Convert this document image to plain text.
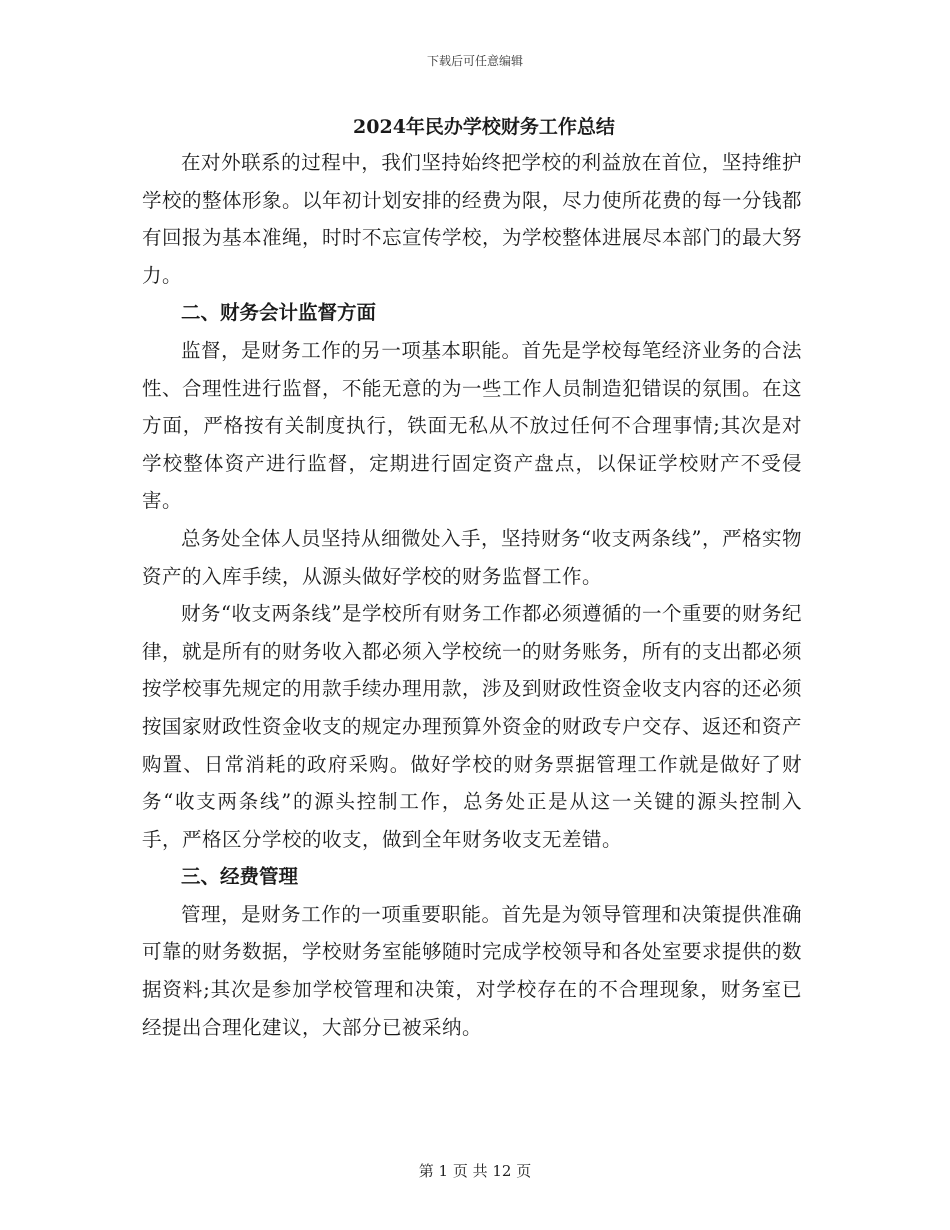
下载后可任意编辑
2024年民办学校财务工作总结

在对外联系的过程中，我们坚持始终把学校的利益放在首位，坚持维护学校的整体形象。以年初计划安排的经费为限，尽力使所花费的每一分钱都有回报为基本准绳，时时不忘宣传学校，为学校整体进展尽本部门的最大努力。

二、财务会计监督方面

监督，是财务工作的另一项基本职能。首先是学校每笔经济业务的合法性、合理性进行监督，不能无意的为一些工作人员制造犯错误的氛围。在这方面，严格按有关制度执行，铁面无私从不放过任何不合理事情;其次是对学校整体资产进行监督，定期进行固定资产盘点，以保证学校财产不受侵害。

总务处全体人员坚持从细微处入手，坚持财务“收支两条线”，严格实物资产的入库手续，从源头做好学校的财务监督工作。

财务“收支两条线”是学校所有财务工作都必须遵循的一个重要的财务纪律，就是所有的财务收入都必须入学校统一的财务账务，所有的支出都必须按学校事先规定的用款手续办理用款，涉及到财政性资金收支内容的还必须按国家财政性资金收支的规定办理预算外资金的财政专户交存、返还和资产购置、日常消耗的政府采购。做好学校的财务票据管理工作就是做好了财务“收支两条线”的源头控制工作，总务处正是从这一关键的源头控制入手，严格区分学校的收支，做到全年财务收支无差错。

三、经费管理

管理，是财务工作的一项重要职能。首先是为领导管理和决策提供准确可靠的财务数据，学校财务室能够随时完成学校领导和各处室要求提供的数据资料;其次是参加学校管理和决策，对学校存在的不合理现象，财务室已经提出合理化建议，大部分已被采纳。

第 1 页 共 12 页
